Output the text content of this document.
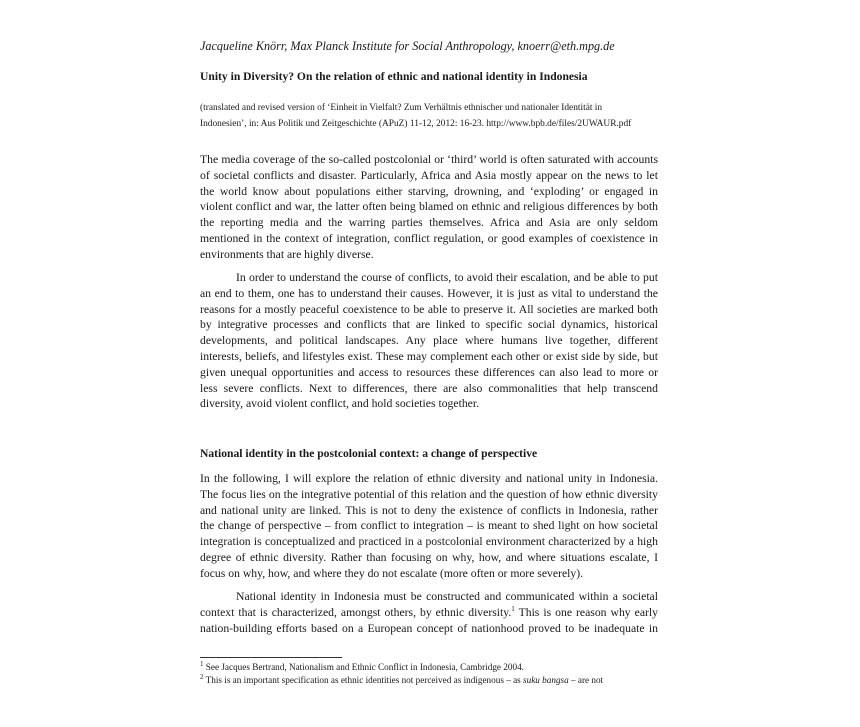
Jacqueline Knörr, Max Planck Institute for Social Anthropology, knoerr@eth.mpg.de
Unity in Diversity? On the relation of ethnic and national identity in Indonesia
(translated and revised version of ‘Einheit in Vielfalt? Zum Verhältnis ethnischer und nationaler Identität in
Indonesien’, in: Aus Politik und Zeitgeschichte (APuZ) 11-12, 2012: 16-23. http://www.bpb.de/files/2UWAUR.pdf
The media coverage of the so-called postcolonial or ‘third’ world is often saturated with accounts
of societal conflicts and disaster. Particularly, Africa and Asia mostly appear on the news to let
the world know about populations either starving, drowning, and ‘exploding’ or engaged in
violent conflict and war, the latter often being blamed on ethnic and religious differences by both
the reporting media and the warring parties themselves. Africa and Asia are only seldom
mentioned in the context of integration, conflict regulation, or good examples of coexistence in
environments that are highly diverse.
In order to understand the course of conflicts, to avoid their escalation, and be able to put
an end to them, one has to understand their causes. However, it is just as vital to understand the
reasons for a mostly peaceful coexistence to be able to preserve it. All societies are marked both
by integrative processes and conflicts that are linked to specific social dynamics, historical
developments, and political landscapes. Any place where humans live together, different
interests, beliefs, and lifestyles exist. These may complement each other or exist side by side, but
given unequal opportunities and access to resources these differences can also lead to more or
less severe conflicts. Next to differences, there are also commonalities that help transcend
diversity, avoid violent conflict, and hold societies together.
National identity in the postcolonial context: a change of perspective
In the following, I will explore the relation of ethnic diversity and national unity in Indonesia.
The focus lies on the integrative potential of this relation and the question of how ethnic diversity
and national unity are linked. This is not to deny the existence of conflicts in Indonesia, rather
the change of perspective – from conflict to integration – is meant to shed light on how societal
integration is conceptualized and practiced in a postcolonial environment characterized by a high
degree of ethnic diversity. Rather than focusing on why, how, and where situations escalate, I
focus on why, how, and where they do not escalate (more often or more severely).
National identity in Indonesia must be constructed and communicated within a societal
context that is characterized, amongst others, by ethnic diversity.$^1$ This is one reason why early
nation-building efforts based on a European concept of nationhood proved to be inadequate in
$^1$ See Jacques Bertrand, Nationalism and Ethnic Conflict in Indonesia, Cambridge 2004.
$^2$ This is an important specification as ethnic identities not perceived as indigenous – as suku bangsa – are not
